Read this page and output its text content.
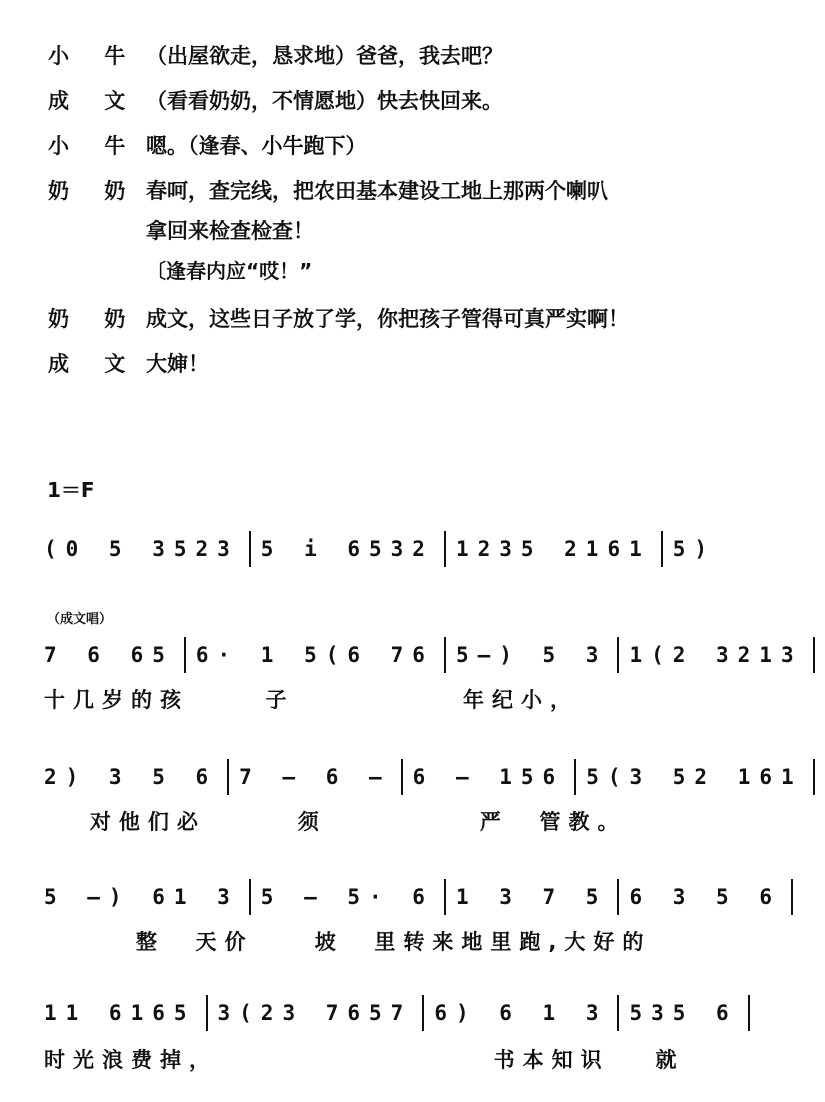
小 牛 （出屋欲走，恳求地）爸爸，我去吧？
成 文 （看看奶奶，不情愿地）快去快回来。
小 牛 嗯。（逢春、小牛跑下）
奶 奶 春呵，查完线，把农田基本建设工地上那两个喇叭
拿回来检查检查！
〔逢春内应“哎！”
奶 奶 成文，这些日子放了学，你把孩子管得可真严实啊！
成 文 大婶！
1＝F
(0 5 3523 5 i 6532 1235 2161 5)
（成文唱）
7 6 65 6· 1 5(6 76 5—) 5 3 1(2 3213
十几岁的孩     子           年纪小，
2) 3 5 6 7 — 6 — 6 — 156 5(3 52 161
对他们必      须          严  管教。
5 —) 61 3 5 — 5· 6 1 3 7 5 6 3 5 6
整  天价    坡  里转来地里跑,大好的
11 6165 3(23 7657 6) 6 1 3 535 6
时光浪费掉，                  书本知识   就
